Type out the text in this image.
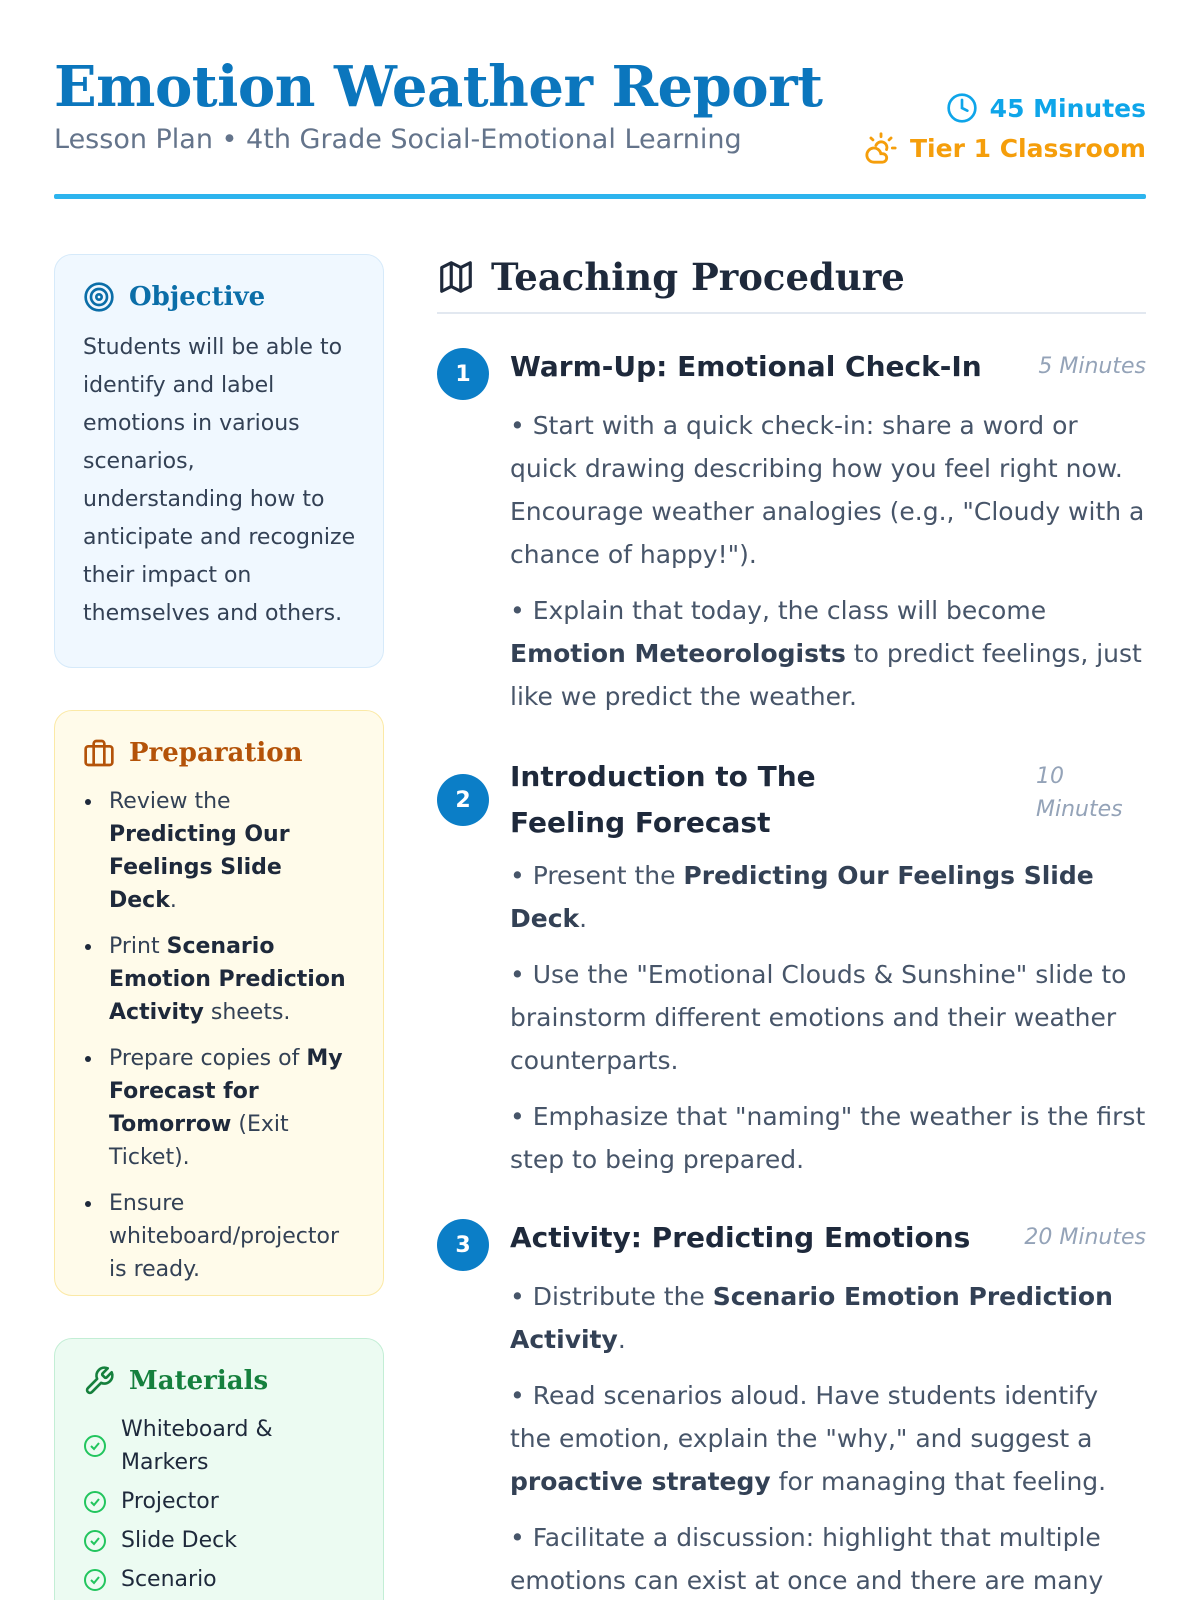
Emotion Weather Report
Lesson Plan • 4th Grade Social-Emotional Learning
45 Minutes
Tier 1 Classroom
Objective
Students will be able to identify and label emotions in various scenarios, understanding how to anticipate and recognize their impact on themselves and others.
Preparation
Review the Predicting Our Feelings Slide Deck.
Print Scenario Emotion Prediction Activity sheets.
Prepare copies of My Forecast for Tomorrow (Exit Ticket).
Ensure whiteboard/projector is ready.
Materials
Whiteboard & Markers
Projector
Slide Deck
Scenario
Teaching Procedure
1	Warm-Up: Emotional Check-In	5 Minutes

• Start with a quick check-in: share a word or quick drawing describing how you feel right now. Encourage weather analogies (e.g., "Cloudy with a chance of happy!").

• Explain that today, the class will become Emotion Meteorologists to predict feelings, just like we predict the weather.

2
Introduction to The Feeling Forecast
10 Minutes

• Present the Predicting Our Feelings Slide Deck.

• Use the "Emotional Clouds & Sunshine" slide to brainstorm different emotions and their weather counterparts.

• Emphasize that "naming" the weather is the first step to being prepared.

3	Activity: Predicting Emotions 20 Minutes

• Distribute the Scenario Emotion Prediction Activity.

• Read scenarios aloud. Have students identify the emotion, explain the "why," and suggest a proactive strategy for managing that feeling.

• Facilitate a discussion: highlight that multiple emotions can exist at once and there are many
